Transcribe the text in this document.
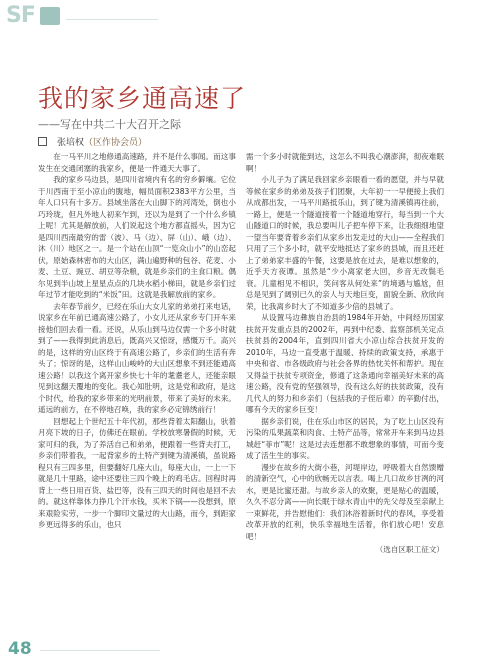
SF
我的家乡通高速了

——写在中共二十大召开之际

张培权（区作协会员）

在一马平川之地修通高速路，并不是什么事闻。而这事发生在交通闭塞的我家乡，便是一件通天大事了。

我的家乡马边县，是四川省境内有名的穷乡僻壤。它位于川西南于至小凉山的腹地，幅员面积2383平方公里，当年人口只有十多万。县域坐落在大山脚下的河湾处，倒也小巧玲珑，但凡外地人初来乍到，还以为是到了一个什么乡镇上呢！尤其是解放前，人们说起这个地方都直摇头，因为它是四川西南最穷的雷（波）、马（边）、屏（山）、峨（边）、沐（川）地区之一。是一个站在山顶“一览众山小”的山峦起伏，原始森林密布的大山区，满山遍野种的包谷、花麦、小麦、土豆、豌豆、胡豆等杂粮，就是乡亲们的主食口粮。偶尔见到半山坡上星星点点的几块水稻小梯田，就是乡亲们过年过节才能吃到的“米饭”田。这就是我解放前的家乡。

去年春节前夕，已经在乐山大女儿家的弟弟打来电话，说家乡在年前已通高速公路了，小女儿还从家乡专门开车来接他们回去看一看。还说，从乐山到马边仅需一个多小时就到了——我得到此消息后，既高兴又惊讶，感慨万千。高兴的是，这样的穷山区终于有高速公路了，乡亲们的生活有奔头了；惊讶的是，这样山山峻岭的大山区想象不到还能通高速公路！以我这个离开家乡快七十年的耄耋老人，还能亲眼见到这翻天覆地的变化。我心知肚明，这是党和政府，是这个时代，给我的家乡带来的光明前景，带来了美好的未来。遥远的前方，在不停地召唤，我的家乡必定锦绣前行！

回想起上个世纪五十年代初，那些背着太阳翻山，驮着月亮下坡的日子，仿佛还在眼前。学校放寒暑假的时候，无家可归的我，为了养活自己和弟弟，便跟着一些背夫打工，乡亲们带着我，一起背家乡的土特产到键为清溪镇，虽说路程只有三四多里，但要翻好几座大山，每座大山，一上一下就是几十里路，途中还要往三四个晚上的鸡毛店。回程时再背上一些日用百货、盐巴等，没有三四天的时间也是回不去的。就这样靠体力挣几个汗水钱，买米下锅——没想到，原来艰险实劳，一步一个脚印文量过的大山路，而今，到距家乡更远得多的乐山，也只

需一个多小时就能到达，这怎么不叫我心潮澎湃，彻夜难眠啊！

小儿子为了满足我回家乡亲眼看一看的愿望，并与早就等候在家乡的弟弟及孩子们团聚，大年初一一早便接上我们从成都出发，一马平川路抵乐山，到了键为清溪镇再往前，一路上，便是一个隧道接着一个隧道地穿行，每当到一个大山隧道口的时候，我总要叫儿子把车停下来，让我细细地望一望当年要背着乡亲们从家乡出发走过的大山——全程我们只用了三个多小时，就平安地抵达了家乡的县城，而且还赶上了弟弟家丰盛的午餐，这要是放在过去，是难以想象的，近乎天方夜谭。虽然是“少小离家老大回，乡音无改鬓毛衰。儿童相见不相识，笑问客从何处来”的境遇与尴尬，但总是见到了阔别已久的亲人与天地巨变，面貌全新、欣欣向荣，比我离乡时大了不知道多少倍的县城了。

从设置马边彝族自治县的1984年开始，中间经历国家扶贫开发重点县的2002年，再到中纪委、监察部机关定点扶贫县的2004年，直到四川省大小凉山综合扶贫开发的2010年，马边一直受惠于温暖、持续的政策支持，承惠于中央和省、市各级政府与社会各界的热忱关怀和帮护。现在又得益于扶贫专项资金，修通了这条通向幸福美好未来的高速公路，没有党的坚强领导，没有这么好的扶贫政策，没有几代人的努力和乡亲们（包括我的子侄后辈）的辛勤付出，哪有今天的家乡巨变！

据乡亲们说，住在乐山市区的居民，为了吃上山区没有污染的瓜果蔬菜和肉食、土特产品等，常常开车来到马边县城赶“菲市”呢！这是过去连想都不敢想象的事情，可而今变成了活生生的事实。

漫步在故乡的大街小巷，河堤岸边，呼吸着大自然馈赠的清新空气，心中的欣畅无以言表。喝上几口故乡甘冽的河水，更是比蜜还甜。与故乡亲人的欢聚，更是贴心的温暖，久久不忍分离——向长眠于绿水青山中的先父母及至亲献上一束鲜花，并告慰他们：我们沐浴着新时代的春风，享受着改革开放的红利，快乐幸福地生活着，你们放心吧！安息吧！

（选自区职工征文）

48
